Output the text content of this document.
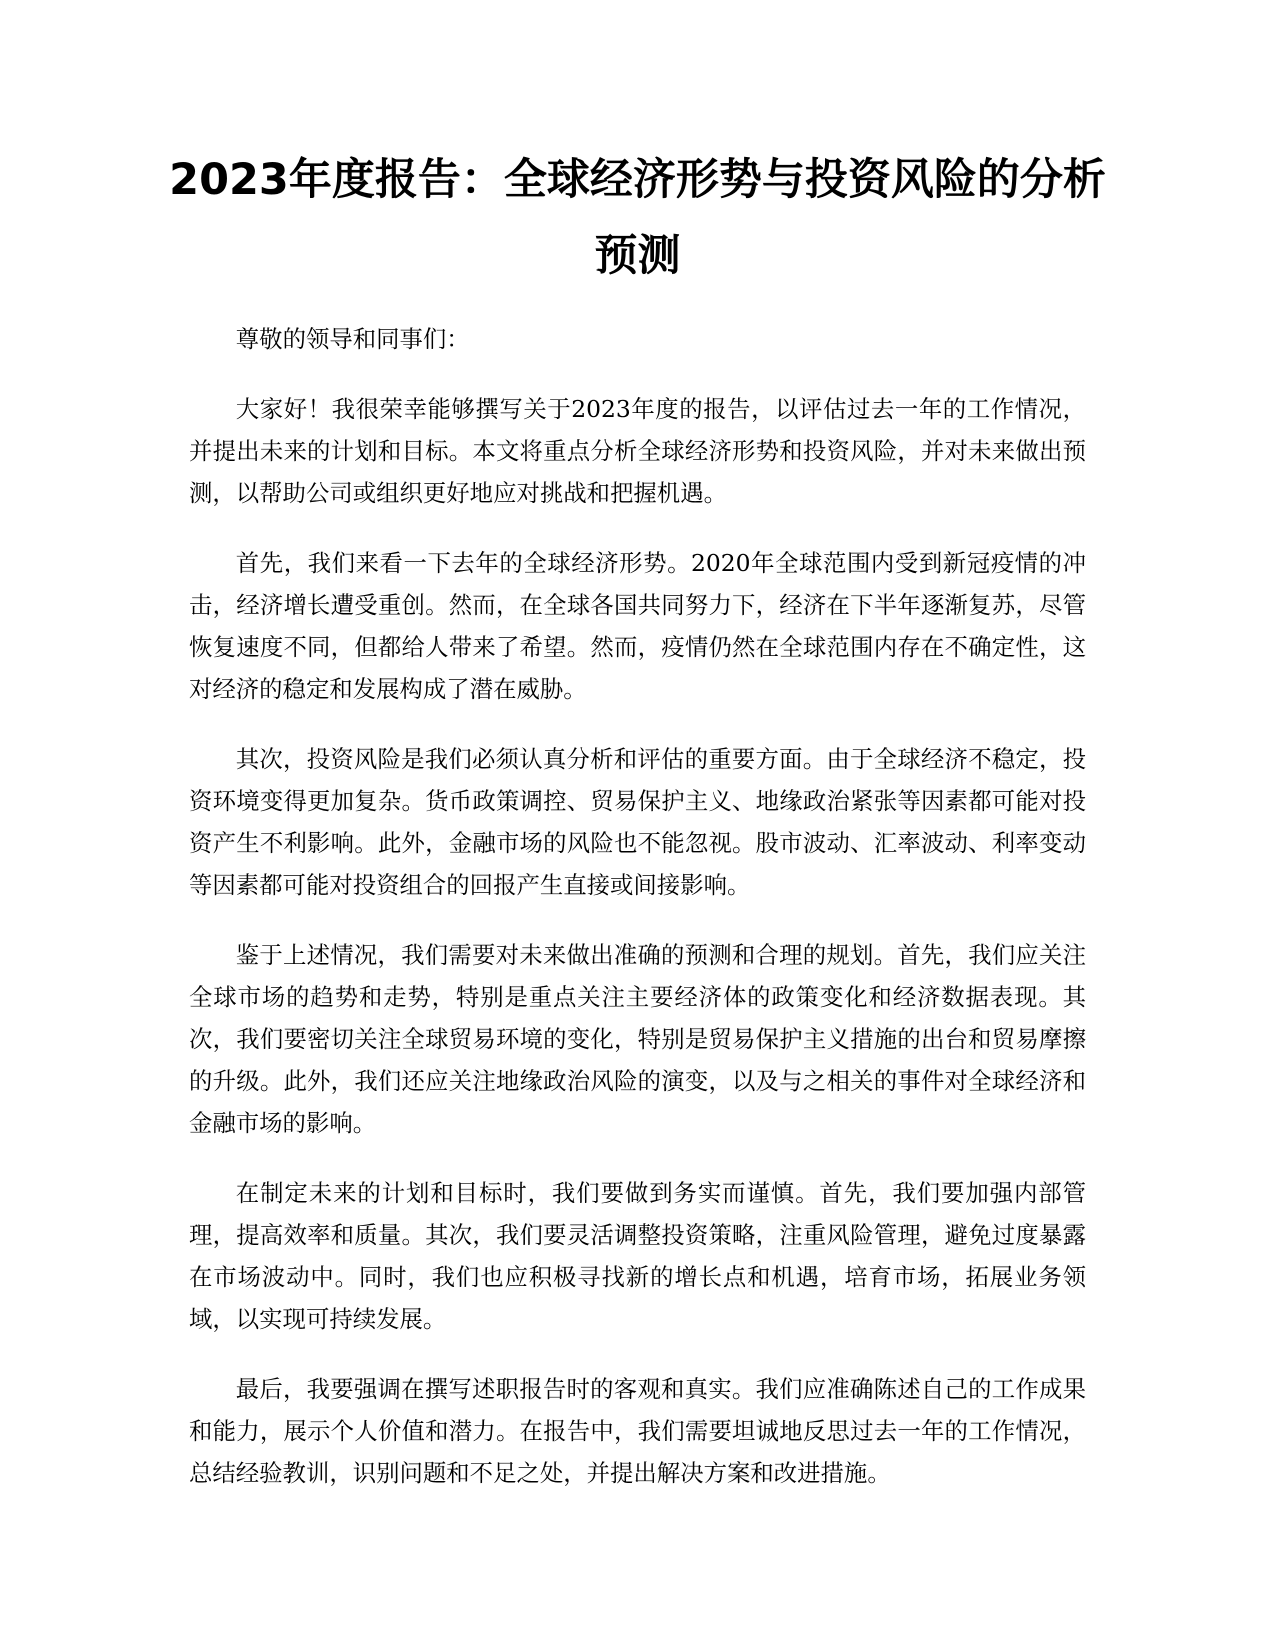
2023年度报告：全球经济形势与投资风险的分析预测

尊敬的领导和同事们：

大家好！我很荣幸能够撰写关于2023年度的报告，以评估过去一年的工作情况，并提出未来的计划和目标。本文将重点分析全球经济形势和投资风险，并对未来做出预测，以帮助公司或组织更好地应对挑战和把握机遇。

首先，我们来看一下去年的全球经济形势。2020年全球范围内受到新冠疫情的冲击，经济增长遭受重创。然而，在全球各国共同努力下，经济在下半年逐渐复苏，尽管恢复速度不同，但都给人带来了希望。然而，疫情仍然在全球范围内存在不确定性，这对经济的稳定和发展构成了潜在威胁。

其次，投资风险是我们必须认真分析和评估的重要方面。由于全球经济不稳定，投资环境变得更加复杂。货币政策调控、贸易保护主义、地缘政治紧张等因素都可能对投资产生不利影响。此外，金融市场的风险也不能忽视。股市波动、汇率波动、利率变动等因素都可能对投资组合的回报产生直接或间接影响。

鉴于上述情况，我们需要对未来做出准确的预测和合理的规划。首先，我们应关注全球市场的趋势和走势，特别是重点关注主要经济体的政策变化和经济数据表现。其次，我们要密切关注全球贸易环境的变化，特别是贸易保护主义措施的出台和贸易摩擦的升级。此外，我们还应关注地缘政治风险的演变，以及与之相关的事件对全球经济和金融市场的影响。

在制定未来的计划和目标时，我们要做到务实而谨慎。首先，我们要加强内部管理，提高效率和质量。其次，我们要灵活调整投资策略，注重风险管理，避免过度暴露在市场波动中。同时，我们也应积极寻找新的增长点和机遇，培育市场，拓展业务领域，以实现可持续发展。

最后，我要强调在撰写述职报告时的客观和真实。我们应准确陈述自己的工作成果和能力，展示个人价值和潜力。在报告中，我们需要坦诚地反思过去一年的工作情况，总结经验教训，识别问题和不足之处，并提出解决方案和改进措施。
